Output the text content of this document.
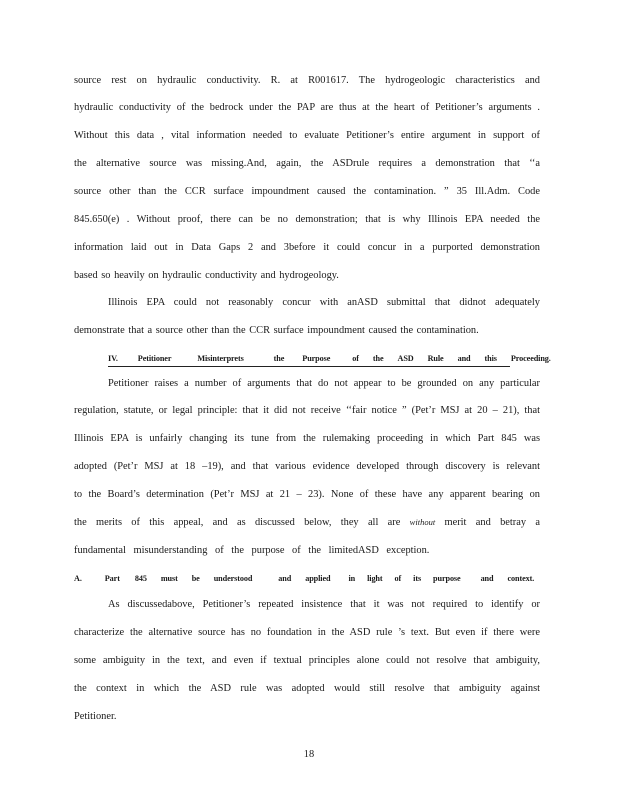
source rest on hydraulic conductivity. R. at R001617. The hydrogeologic characteristics and
hydraulic conductivity of the bedrock under the PAP are thus at the heart of Petitioner’s arguments .
Without this data , vital information needed to evaluate Petitioner’s entire argument in support of
the alternative source was missing.And, again, the ASDrule requires a demonstration that ‘‘a
source other than the CCR surface impoundment caused the contamination. ” 35 Ill.Adm. Code
845.650(e) . Without proof, there can be no demonstration; that is why Illinois EPA needed the
information laid out in Data Gaps 2 and 3before it could concur in a purported demonstration
based so heavily on hydraulic conductivity and hydrogeology.
Illinois EPA could not reasonably concur with anASD submittal that didnot adequately
demonstrate that a source other than the CCR surface impoundment caused the contamination.
IV. Petitioner	Misinterprets	the Purpose	of the ASD Rule and this Proceeding.
Petitioner raises a number of arguments that do not appear to be grounded on any particular
regulation, statute, or legal principle: that it did not receive ‘‘fair notice ” (Pet’r MSJ at 20 – 21), that
Illinois EPA is unfairly changing its tune from the rulemaking proceeding in which Part 845 was
adopted (Pet’r MSJ at 18 –19), and that various evidence developed through discovery is relevant
to the Board’s determination (Pet’r MSJ at 21 – 23). None of these have any apparent bearing on
the merits of this appeal, and as discussed below, they all are without merit and betray a
fundamental misunderstanding of the purpose of the limitedASD exception.
A.	Part 845 must be understood	and applied in light of its purpose and context.
As discussedabove, Petitioner’s repeated insistence that it was not required to identify or
characterize the alternative source has no foundation in the ASD rule ’s text. But even if there were
some ambiguity in the text, and even if textual principles alone could not resolve that ambiguity,
the context in which the ASD rule was adopted would still resolve that ambiguity against
Petitioner.
18
